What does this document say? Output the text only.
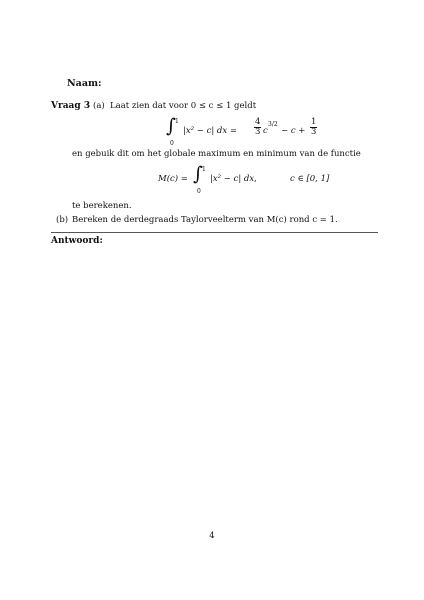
Naam:
Vraag 3 (a) Laat zien dat voor 0 ≤ c ≤ 1 geldt
∫ 1
0
|x² − c| dx = $\frac{4}{3}$ c
3/2
− $c + \frac{1}{3}$
en gebuik dit om het globale maximum en minimum van de functie
M(c) = ∫ 1
0
|x² − c| dx,	c ∈ [0, 1]
te berekenen.
(b) Bereken de derdegraads Taylorveelterm van M(c) rond c = 1.
Antwoord:
4
